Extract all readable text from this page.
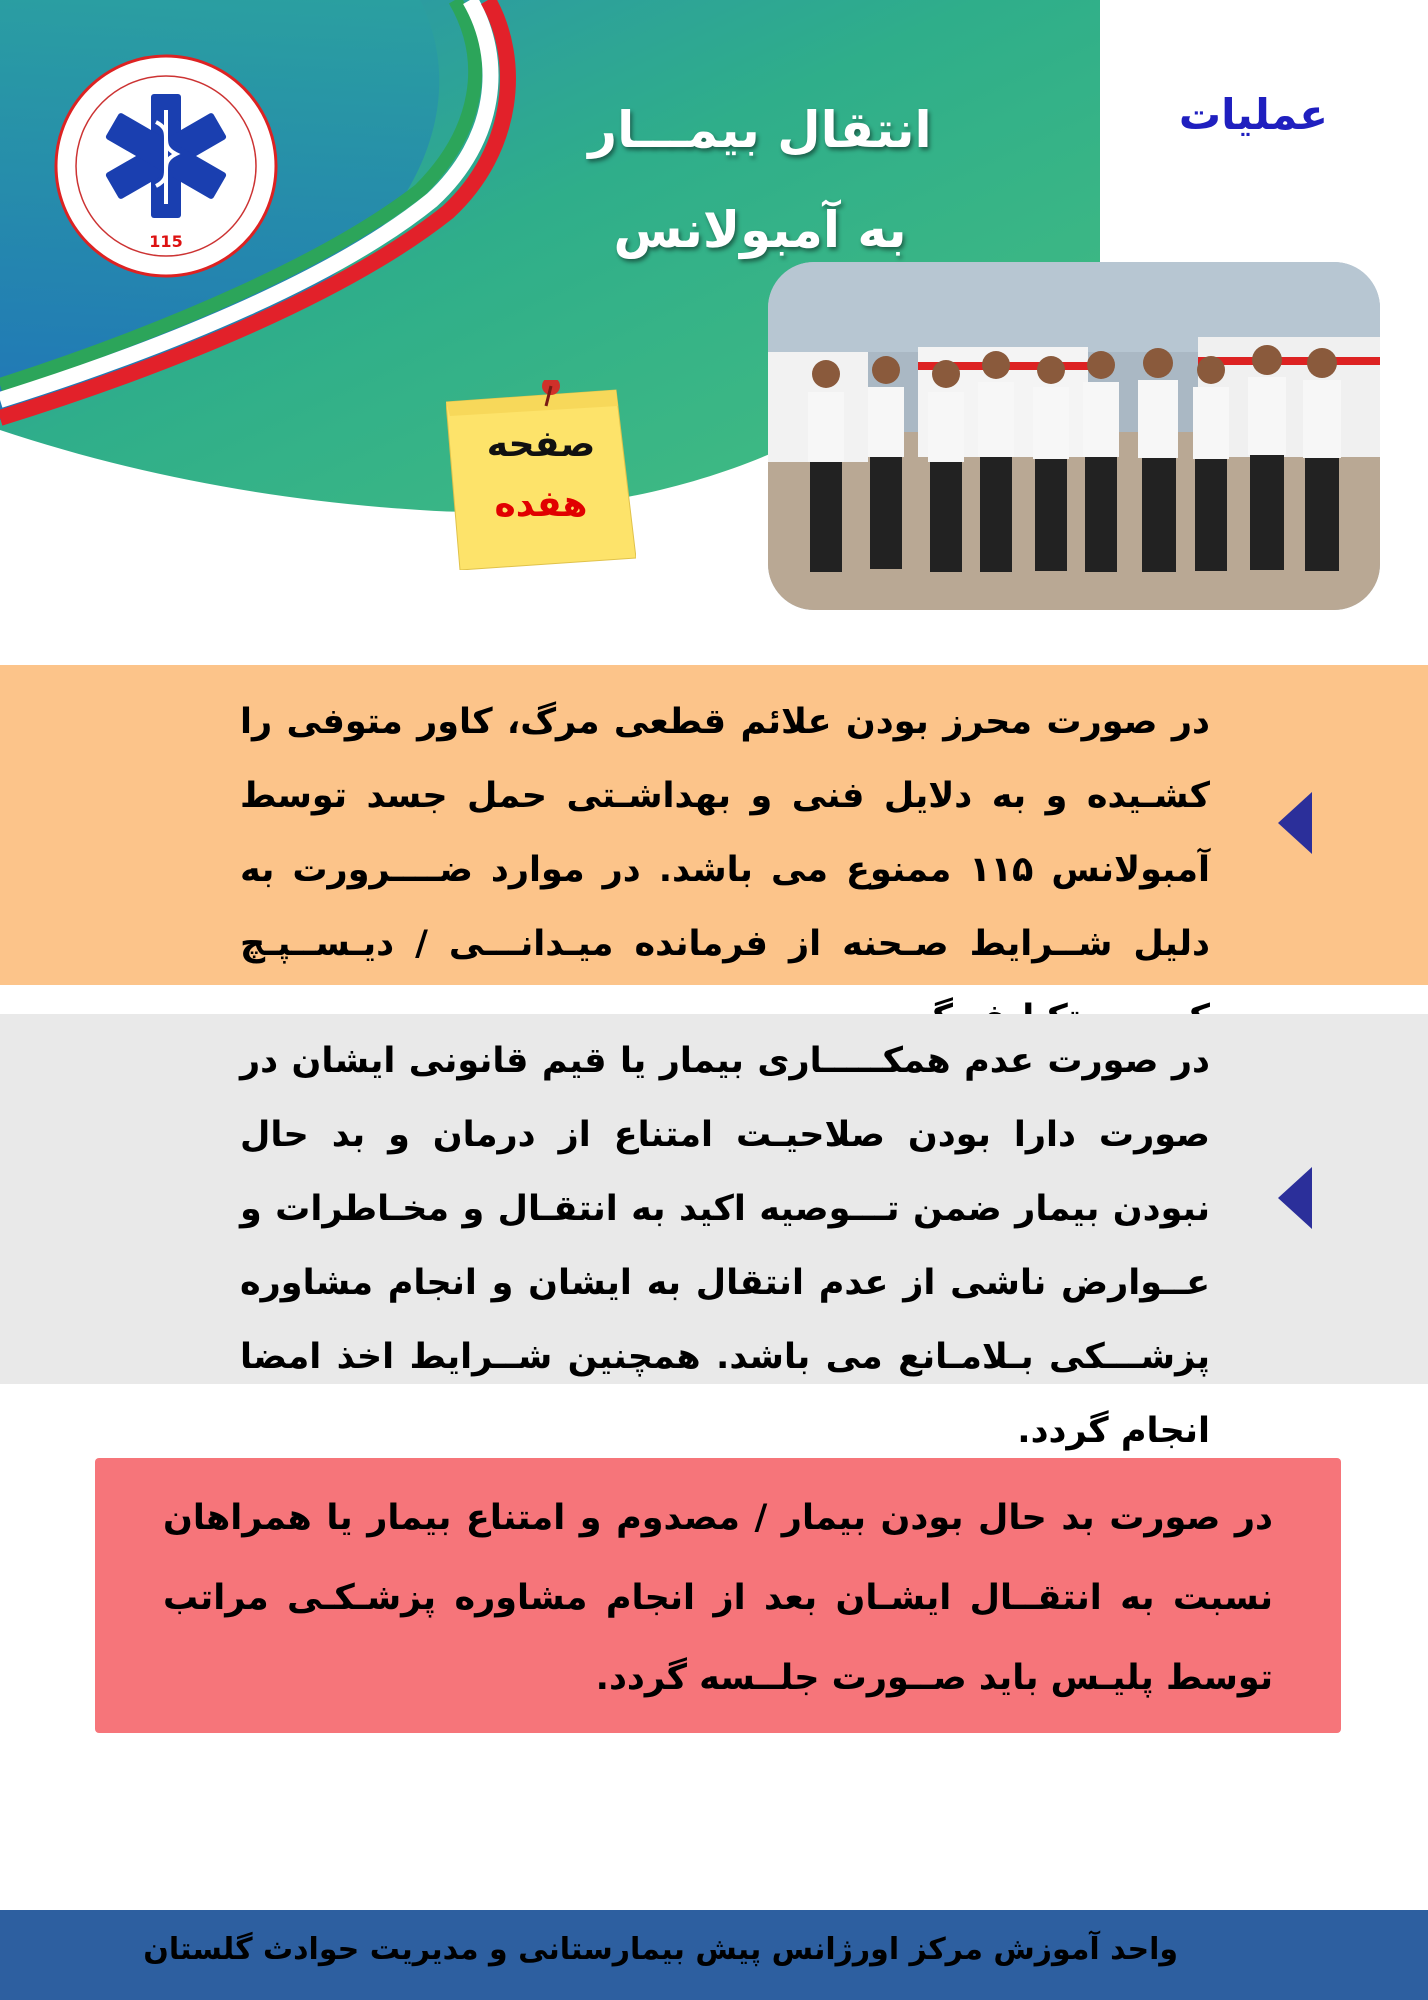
115
انتقال بیمـــار
به آمبولانس
عملیات
صفحه
هفده

در صورت محرز بودن علائم قطعی مرگ، کاور متوفی را کشـیده و به دلایل فنی و بهداشـتی حمل جسد توسط آمبولانس ۱۱۵ ممنوع می باشد. در موارد ضــــرورت به دلیل شــرایط صـحنه از فرمانده میـدانـــی / دیـســپـچ

در صورت عدم همکـــــاری بیمار یا قیم قانونی ایشان در صورت دارا بودن صلاحیـت امتناع از درمان و بد حال نبودن بیمار ضمن تـــوصیه اکید به انتقـال و مخـاطرات و عــوارض ناشی از عدم انتقال به ایشان و انجام مشاوره پزشـــکی بـلامـانع می باشد. همچنین شــرایط اخذ امضا انجام گردد.

در صورت بد حال بودن بیمار / مصدوم و امتناع بیمار یا همراهان نسبت به انتقــال ایشـان بعد از انجام مشاوره پزشـکـی مراتب توسط پلیـس باید صــورت جلــسه گردد.

واحد آموزش مرکز اورژانس پیش بیمارستانی و مدیریت حوادث گلستان
